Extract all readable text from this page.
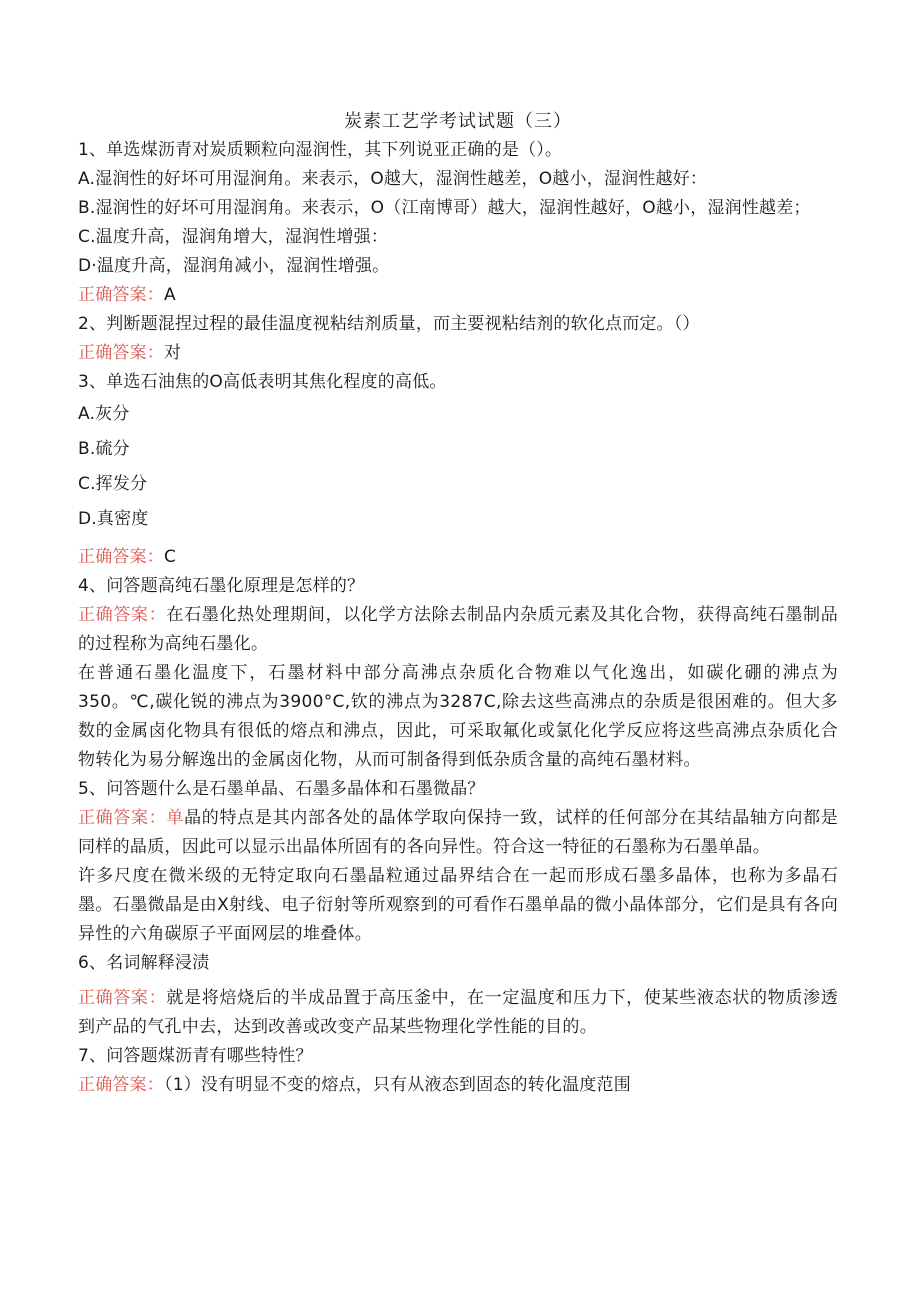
炭素工艺学考试试题（三）

1、单选煤沥青对炭质颗粒向湿润性，其下列说亚正确的是（）。

A.湿润性的好坏可用湿涧角。来表示，O越大，湿润性越差，O越小，湿润性越好：

B.湿润性的好坏可用湿润角。来表示，O（江南博哥）越大，湿润性越好，O越小，湿润性越差；

C.温度升高，湿润角增大，湿润性增强：

D·温度升高，湿润角减小，湿润性增强。

正确答案：A

2、判断题混捏过程的最佳温度视粘结剂质量，而主要视粘结剂的软化点而定。（）

正确答案：对

3、单选石油焦的O高低表明其焦化程度的高低。

A.灰分

B.硫分

C.挥发分

D.真密度

正确答案：C

4、问答题高纯石墨化原理是怎样的？

正确答案：在石墨化热处理期间，以化学方法除去制品内杂质元素及其化合物，获得高纯石墨制品的过程称为高纯石墨化。

在普通石墨化温度下，石墨材料中部分高沸点杂质化合物难以气化逸出，如碳化硼的沸点为350。℃,碳化锐的沸点为3900°C,钦的沸点为3287C,除去这些高沸点的杂质是很困难的。但大多数的金属卤化物具有很低的熔点和沸点，因此，可采取氟化或氯化化学反应将这些高沸点杂质化合物转化为易分解逸出的金属卤化物，从而可制备得到低杂质含量的高纯石墨材料。

5、问答题什么是石墨单晶、石墨多晶体和石墨微晶？

正确答案：单晶的特点是其内部各处的晶体学取向保持一致，试样的任何部分在其结晶轴方向都是同样的晶质，因此可以显示出晶体所固有的各向异性。符合这一特征的石墨称为石墨单晶。

许多尺度在微米级的无特定取向石墨晶粒通过晶界结合在一起而形成石墨多晶体，也称为多晶石墨。石墨微晶是由X射线、电子衍射等所观察到的可看作石墨单晶的微小晶体部分，它们是具有各向异性的六角碳原子平面网层的堆叠体。

6、名词解释浸渍

正确答案：就是将焙烧后的半成品置于高压釜中，在一定温度和压力下，使某些液态状的物质渗透到产品的气孔中去，达到改善或改变产品某些物理化学性能的目的。

7、问答题煤沥青有哪些特性？

正确答案：（1）没有明显不变的熔点，只有从液态到固态的转化温度范围
